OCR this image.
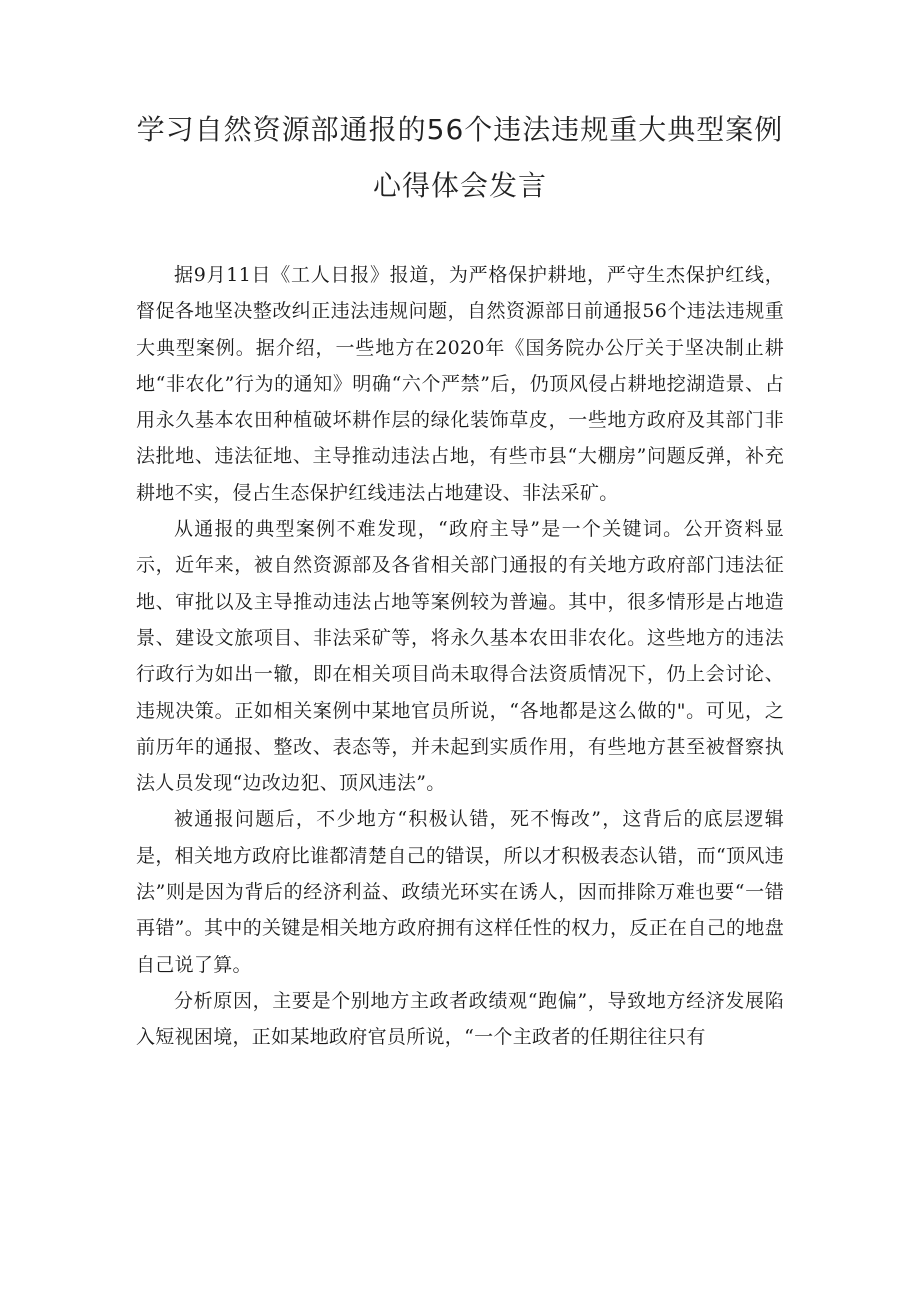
学习自然资源部通报的56个违法违规重大典型案例
心得体会发言

据9月11日《工人日报》报道，为严格保护耕地，严守生杰保护红线，督促各地坚决整改纠正违法违规问题，自然资源部日前通报56个违法违规重大典型案例。据介绍，一些地方在2020年《国务院办公厅关于坚决制止耕地“非农化”行为的通知》明确“六个严禁”后，仍顶风侵占耕地挖湖造景、占用永久基本农田种植破坏耕作层的绿化装饰草皮，一些地方政府及其部门非法批地、违法征地、主导推动违法占地，有些市县“大棚房”问题反弹，补充耕地不实，侵占生态保护红线违法占地建设、非法采矿。

从通报的典型案例不难发现，“政府主导”是一个关键词。公开资料显示，近年来，被自然资源部及各省相关部门通报的有关地方政府部门违法征地、审批以及主导推动违法占地等案例较为普遍。其中，很多情形是占地造景、建设文旅项目、非法采矿等，将永久基本农田非农化。这些地方的违法行政行为如出一辙，即在相关项目尚未取得合法资质情况下，仍上会讨论、违规决策。正如相关案例中某地官员所说，“各地都是这么做的"。可见，之前历年的通报、整改、表态等，并未起到实质作用，有些地方甚至被督察执法人员发现“边改边犯、顶风违法”。

被通报问题后，不少地方“积极认错，死不悔改”，这背后的底层逻辑是，相关地方政府比谁都清楚自己的错误，所以才积极表态认错，而“顶风违法”则是因为背后的经济利益、政绩光环实在诱人，因而排除万难也要“一错再错”。其中的关键是相关地方政府拥有这样任性的权力，反正在自己的地盘自己说了算。

分析原因，主要是个别地方主政者政绩观“跑偏”，导致地方经济发展陷入短视困境，正如某地政府官员所说，“一个主政者的任期往往只有
